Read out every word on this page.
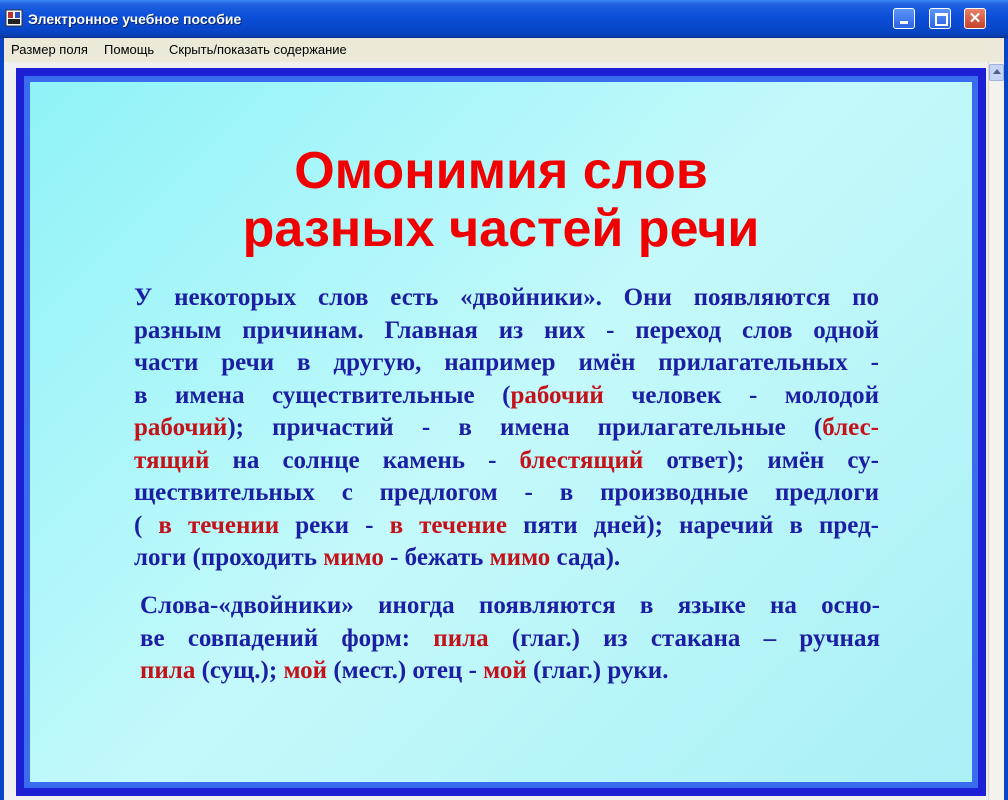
Электронное учебное пособие	✕
Размер поля Помощь Скрыть/показать содержание
Омонимия слов
разных частей речи
У некоторых слов есть «двойники». Они появляются по
разным причинам. Главная из них - переход слов одной
части речи в другую, например имён прилагательных -
в имена существительные (рабочий человек - молодой
рабочий); причастий - в имена прилагательные (блес-
тящий на солнце камень - блестящий ответ); имён су-
ществительных с предлогом - в производные предлоги
( в течении реки - в течение пяти дней); наречий в пред-
логи (проходить мимо - бежать мимо сада).
Слова-«двойники» иногда появляются в языке на осно-
ве совпадений форм: пила (глаг.) из стакана – ручная
пила (сущ.); мой (мест.) отец - мой (глаг.) руки.
